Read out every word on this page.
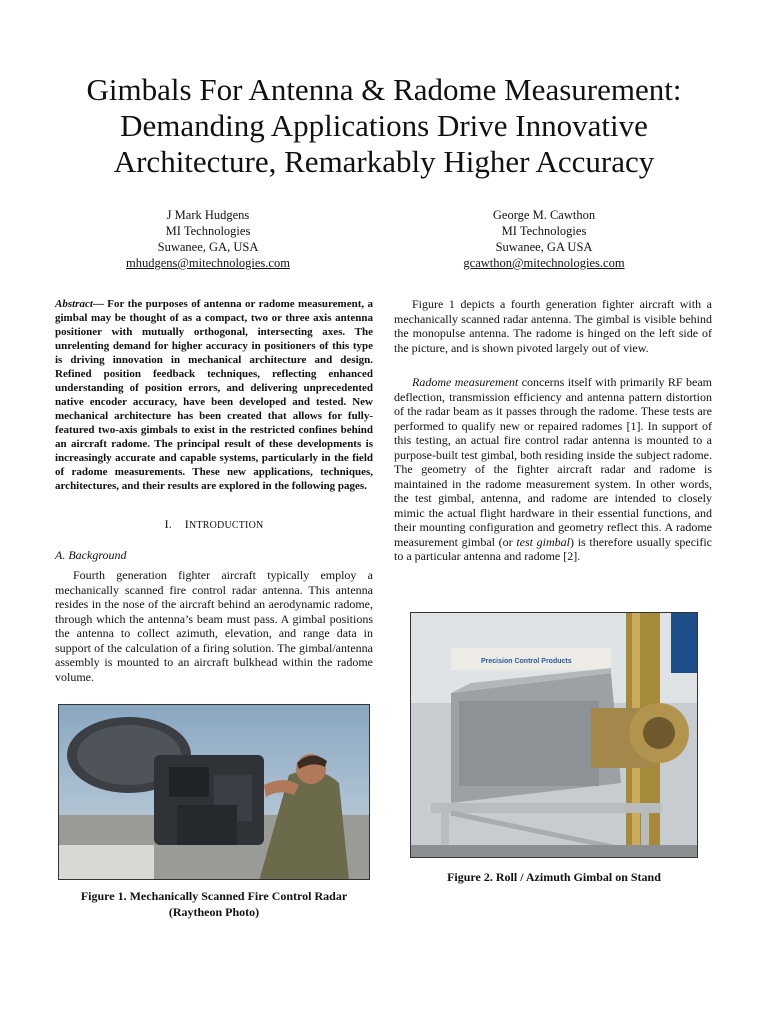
Gimbals For Antenna & Radome Measurement: Demanding Applications Drive Innovative Architecture, Remarkably Higher Accuracy
J Mark Hudgens
MI Technologies
Suwanee, GA, USA
mhudgens@mitechnologies.com
George M. Cawthon
MI Technologies
Suwanee, GA USA
gcawthon@mitechnologies.com

Abstract— For the purposes of antenna or radome measurement, a gimbal may be thought of as a compact, two or three axis antenna positioner with mutually orthogonal, intersecting axes. The unrelenting demand for higher accuracy in positioners of this type is driving innovation in mechanical architecture and design. Refined position feedback techniques, reflecting enhanced understanding of position errors, and delivering unprecedented native encoder accuracy, have been developed and tested. New mechanical architecture has been created that allows for fully-featured two-axis gimbals to exist in the restricted confines behind an aircraft radome. The principal result of these developments is increasingly accurate and capable systems, particularly in the field of radome measurements. These new applications, techniques, architectures, and their results are explored in the following pages.

I. INTRODUCTION
A. Background

Fourth generation fighter aircraft typically employ a mechanically scanned fire control radar antenna. This antenna resides in the nose of the aircraft behind an aerodynamic radome, through which the antenna’s beam must pass. A gimbal positions the antenna to collect azimuth, elevation, and range data in support of the calculation of a firing solution. The gimbal/antenna assembly is mounted to an aircraft bulkhead within the radome volume.

Figure 1 depicts a fourth generation fighter aircraft with a mechanically scanned radar antenna. The gimbal is visible behind the monopulse antenna. The radome is hinged on the left side of the picture, and is shown pivoted largely out of view.

Radome measurement concerns itself with primarily RF beam deflection, transmission efficiency and antenna pattern distortion of the radar beam as it passes through the radome. These tests are performed to qualify new or repaired radomes [1]. In support of this testing, an actual fire control radar antenna is mounted to a purpose-built test gimbal, both residing inside the subject radome. The geometry of the fighter aircraft radar and radome is maintained in the radome measurement system. In other words, the test gimbal, antenna, and radome are intended to closely mimic the actual flight hardware in their essential functions, and their mounting configuration and geometry reflect this. A radome measurement gimbal (or test gimbal) is therefore usually specific to a particular antenna and radome [2].

Figure 1. Mechanically Scanned Fire Control Radar
(Raytheon Photo)
Precision Control Products
Figure 2. Roll / Azimuth Gimbal on Stand
